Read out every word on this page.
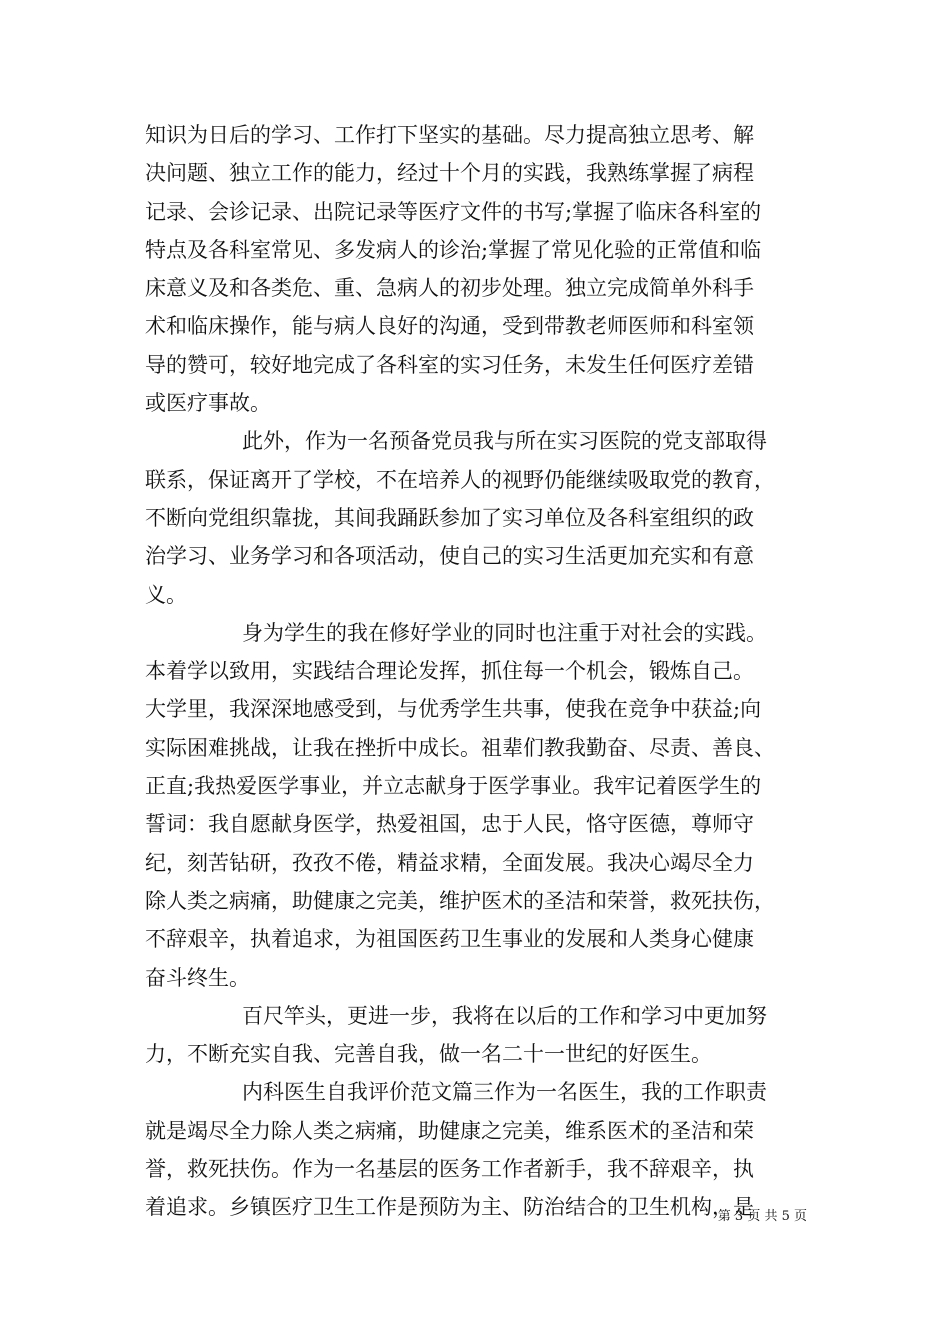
知识为日后的学习、工作打下坚实的基础。尽力提高独立思考、解
决问题、独立工作的能力，经过十个月的实践，我熟练掌握了病程
记录、会诊记录、出院记录等医疗文件的书写;掌握了临床各科室的
特点及各科室常见、多发病人的诊治;掌握了常见化验的正常值和临
床意义及和各类危、重、急病人的初步处理。独立完成简单外科手
术和临床操作，能与病人良好的沟通，受到带教老师医师和科室领
导的赞可，较好地完成了各科室的实习任务，未发生任何医疗差错
或医疗事故。
此外，作为一名预备党员我与所在实习医院的党支部取得
联系，保证离开了学校，不在培养人的视野仍能继续吸取党的教育，
不断向党组织靠拢，其间我踊跃参加了实习单位及各科室组织的政
治学习、业务学习和各项活动，使自己的实习生活更加充实和有意
义。
身为学生的我在修好学业的同时也注重于对社会的实践。
本着学以致用，实践结合理论发挥，抓住每一个机会，锻炼自己。
大学里，我深深地感受到，与优秀学生共事，使我在竞争中获益;向
实际困难挑战，让我在挫折中成长。祖辈们教我勤奋、尽责、善良、
正直;我热爱医学事业，并立志献身于医学事业。我牢记着医学生的
誓词：我自愿献身医学，热爱祖国，忠于人民，恪守医德，尊师守
纪，刻苦钻研，孜孜不倦，精益求精，全面发展。我决心竭尽全力
除人类之病痛，助健康之完美，维护医术的圣洁和荣誉，救死扶伤，
不辞艰辛，执着追求，为祖国医药卫生事业的发展和人类身心健康
奋斗终生。
百尺竿头，更进一步，我将在以后的工作和学习中更加努
力，不断充实自我、完善自我，做一名二十一世纪的好医生。
内科医生自我评价范文篇三作为一名医生，我的工作职责
就是竭尽全力除人类之病痛，助健康之完美，维系医术的圣洁和荣
誉，救死扶伤。作为一名基层的医务工作者新手，我不辞艰辛，执
着追求。乡镇医疗卫生工作是预防为主、防治结合的卫生机构，是
第 3 页 共 5 页
